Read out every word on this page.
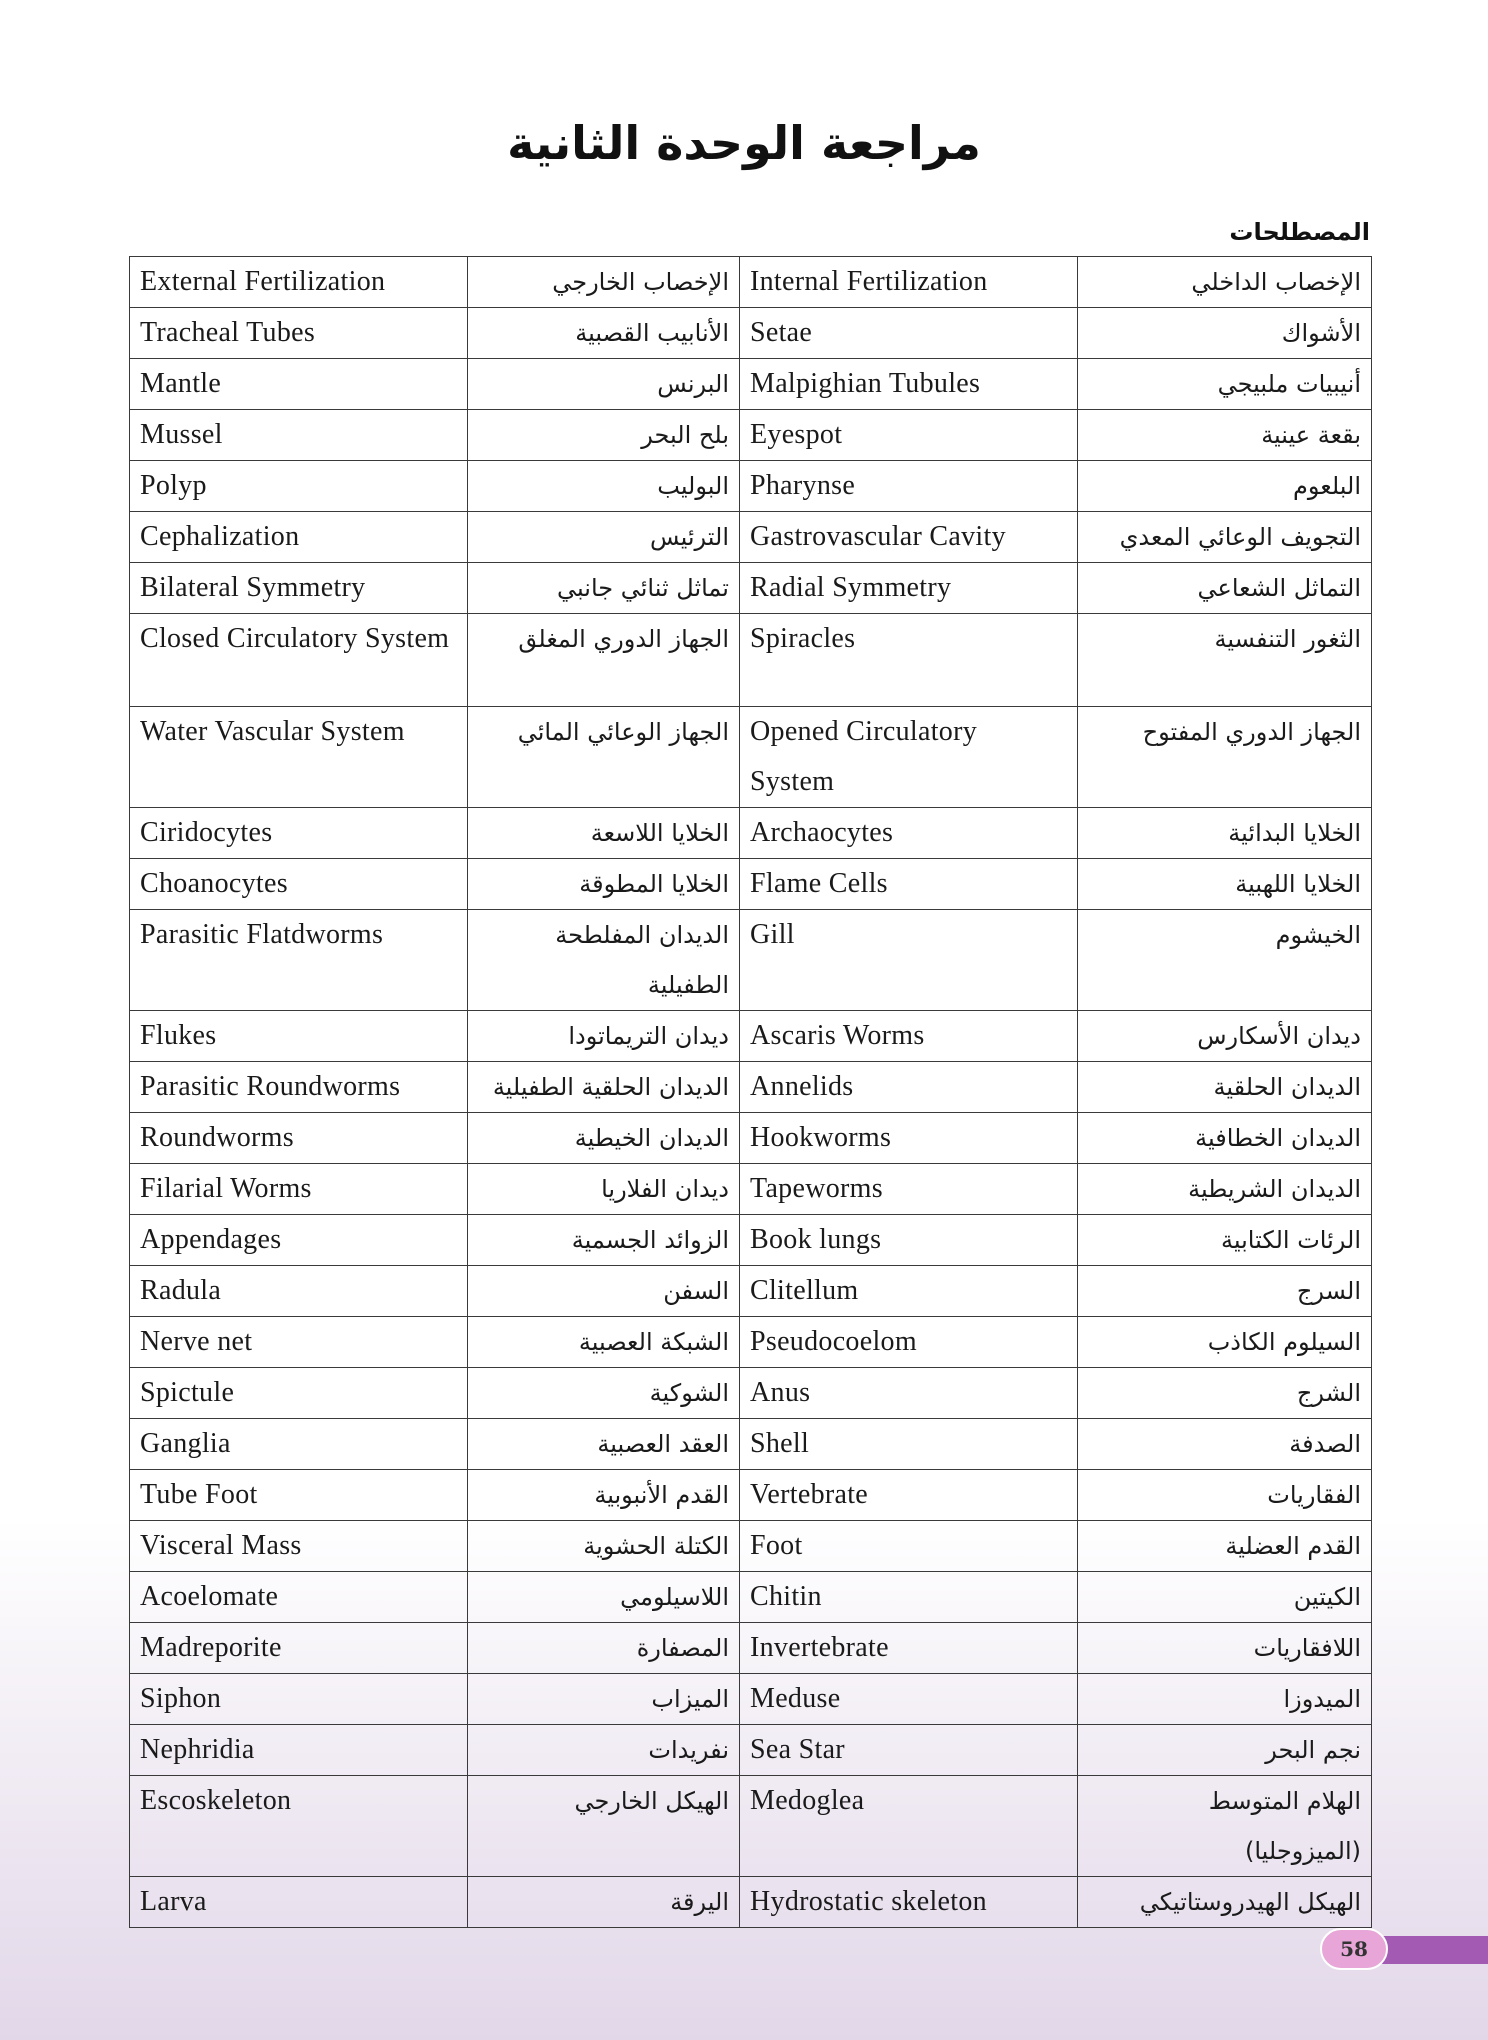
مراجعة الوحدة الثانية
المصطلحات
External Fertilization	الإخصاب الخارجي	Internal Fertilization	الإخصاب الداخلي
Tracheal Tubes	الأنابيب القصبية	Setae	الأشواك
Mantle	البرنس	Malpighian Tubules	أنيبيات ملبيجي
Mussel	بلح البحر	Eyespot	بقعة عينية
Polyp	البوليب	Pharynse	البلعوم
Cephalization	الترئيس	Gastrovascular Cavity	التجويف الوعائي المعدي
Bilateral Symmetry	تماثل ثنائي جانبي	Radial Symmetry	التماثل الشعاعي
Closed Circulatory System	الجهاز الدوري المغلق	Spiracles	الثغور التنفسية
Water Vascular System	الجهاز الوعائي المائي	Opened Circulatory System	الجهاز الدوري المفتوح
Ciridocytes	الخلايا اللاسعة	Archaocytes	الخلايا البدائية
Choanocytes	الخلايا المطوقة	Flame Cells	الخلايا اللهبية
Parasitic Flatdworms	الديدان المفلطحة الطفيلية	Gill	الخيشوم
Flukes	ديدان التريماتودا	Ascaris Worms	ديدان الأسكارس
Parasitic Roundworms	الديدان الحلقية الطفيلية	Annelids	الديدان الحلقية
Roundworms	الديدان الخيطية	Hookworms	الديدان الخطافية
Filarial Worms	ديدان الفلاريا	Tapeworms	الديدان الشريطية
Appendages	الزوائد الجسمية	Book lungs	الرئات الكتابية
Radula	السفن	Clitellum	السرج
Nerve net	الشبكة العصبية	Pseudocoelom	السيلوم الكاذب
Spictule	الشوكية	Anus	الشرج
Ganglia	العقد العصبية	Shell	الصدفة
Tube Foot	القدم الأنبوبية	Vertebrate	الفقاريات
Visceral Mass	الكتلة الحشوية	Foot	القدم العضلية
Acoelomate	اللاسيلومي	Chitin	الكيتين
Madreporite	المصفارة	Invertebrate	اللافقاريات
Siphon	الميزاب	Meduse	الميدوزا
Nephridia	نفريدات	Sea Star	نجم البحر
Escoskeleton	الهيكل الخارجي	Medoglea	الهلام المتوسط (الميزوجليا)
Larva	اليرقة	Hydrostatic skeleton	الهيكل الهيدروستاتيكي
58
